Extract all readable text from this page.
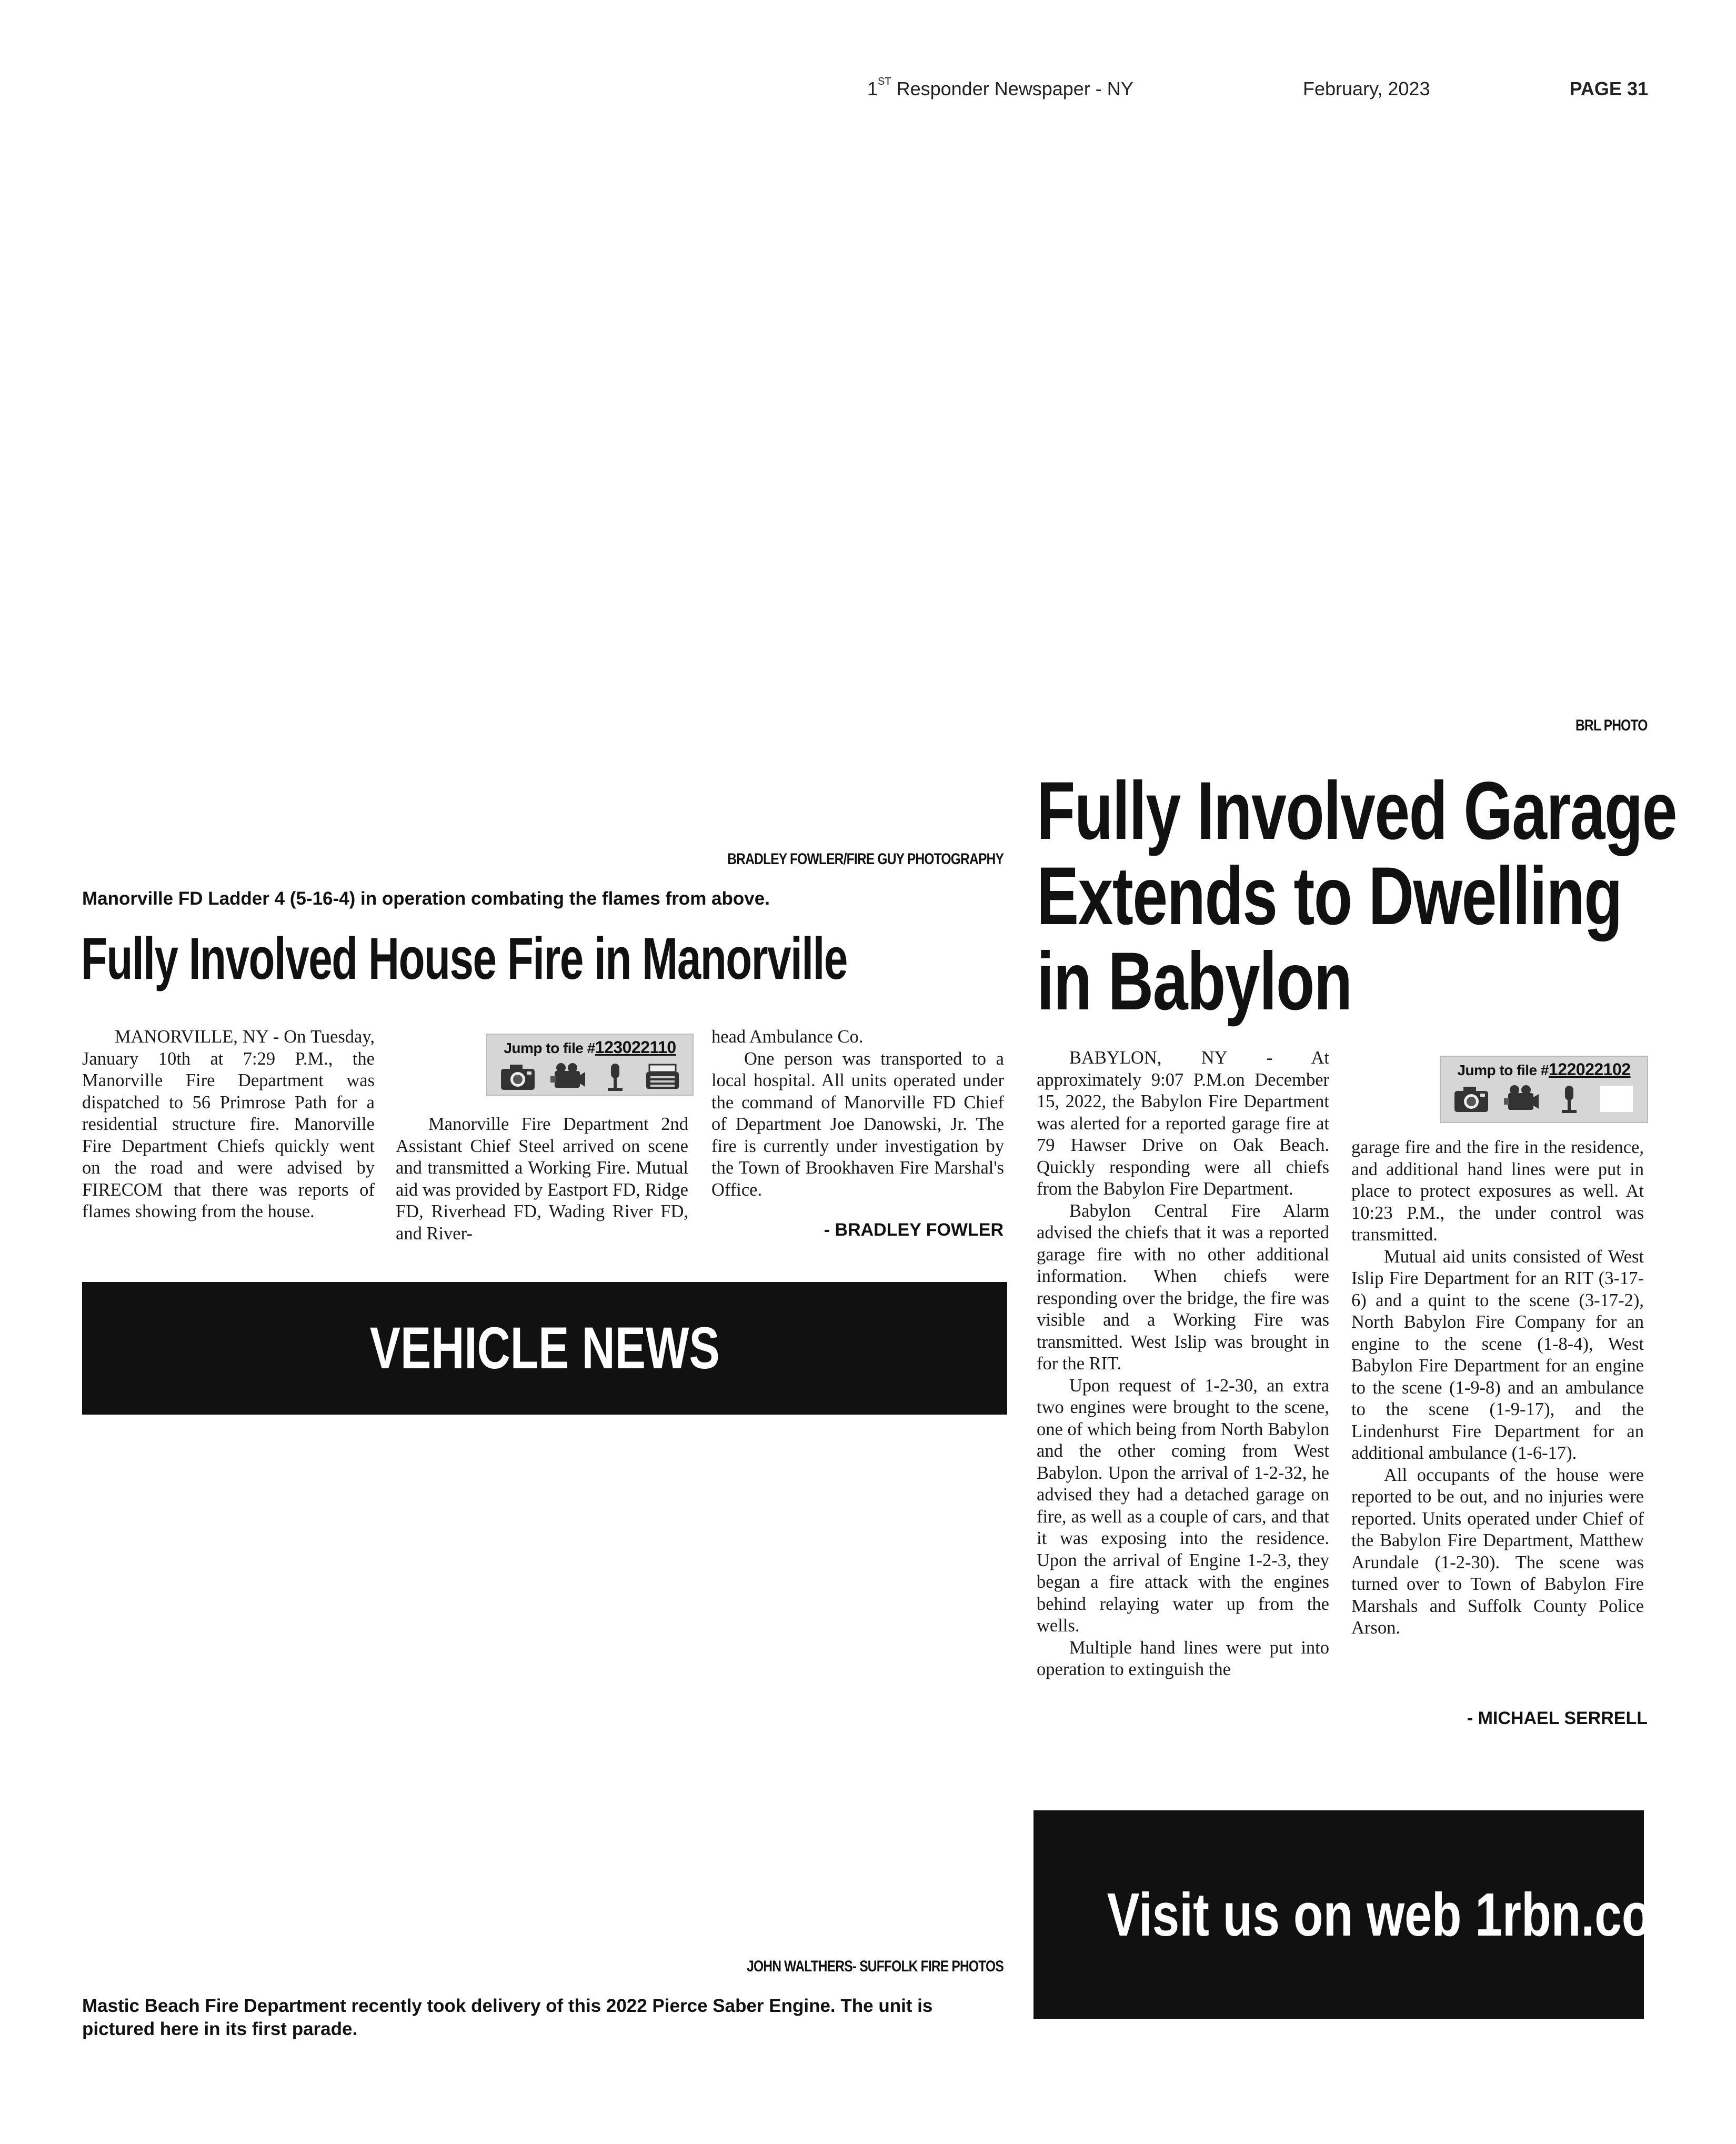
1ST Responder Newspaper - NY	February, 2023	PAGE 31
BRL PHOTO
BRADLEY FOWLER/FIRE GUY PHOTOGRAPHY
Manorville FD Ladder 4 (5-16-4) in operation combating the flames from above.
Fully Involved House Fire in Manorville

MANORVILLE, NY - On Tuesday, January 10th at 7:29 P.M., the Manorville Fire Department was dispatched to 56 Primrose Path for a residential structure fire. Manorville Fire Department Chiefs quickly went on the road and were advised by FIRECOM that there was reports of flames showing from the house.

Jump to file #123022110

Manorville Fire Department 2nd Assistant Chief Steel arrived on scene and transmitted a Working Fire. Mutual aid was provided by Eastport FD, Ridge FD, Riverhead FD, Wading River FD, and River-

head Ambulance Co.

One person was transported to a local hospital. All units operated under the command of Manorville FD Chief of Department Joe Danowski, Jr. The fire is currently under investigation by the Town of Brookhaven Fire Marshal's Office.

- BRADLEY FOWLER
VEHICLE NEWS
JOHN WALTHERS- SUFFOLK FIRE PHOTOS
Mastic Beach Fire Department recently took delivery of this 2022 Pierce Saber Engine. The unit is pictured here in its first parade.
Fully Involved Garage
Extends to Dwelling
in Babylon

BABYLON, NY - At approximately 9:07 P.M.on December 15, 2022, the Babylon Fire Department was alerted for a reported garage fire at 79 Hawser Drive on Oak Beach. Quickly responding were all chiefs from the Babylon Fire Department.

Babylon Central Fire Alarm advised the chiefs that it was a reported garage fire with no other additional information. When chiefs were responding over the bridge, the fire was visible and a Working Fire was transmitted. West Islip was brought in for the RIT.

Upon request of 1-2-30, an extra two engines were brought to the scene, one of which being from North Babylon and the other coming from West Babylon. Upon the arrival of 1-2-32, he advised they had a detached garage on fire, as well as a couple of cars, and that it was exposing into the residence. Upon the arrival of Engine 1-2-3, they began a fire attack with the engines behind relaying water up from the wells.

Multiple hand lines were put into operation to extinguish the

Jump to file #122022102

garage fire and the fire in the residence, and additional hand lines were put in place to protect exposures as well. At 10:23 P.M., the under control was transmitted.

Mutual aid units consisted of West Islip Fire Department for an RIT (3-17-6) and a quint to the scene (3-17-2), North Babylon Fire Company for an engine to the scene (1-8-4), West Babylon Fire Department for an engine to the scene (1-9-8) and an ambulance to the scene (1-9-17), and the Lindenhurst Fire Department for an additional ambulance (1-6-17).

All occupants of the house were reported to be out, and no injuries were reported. Units operated under Chief of the Babylon Fire Department, Matthew Arundale (1-2-30). The scene was turned over to Town of Babylon Fire Marshals and Suffolk County Police Arson.

- MICHAEL SERRELL
Visit us on web 1rbn.com
